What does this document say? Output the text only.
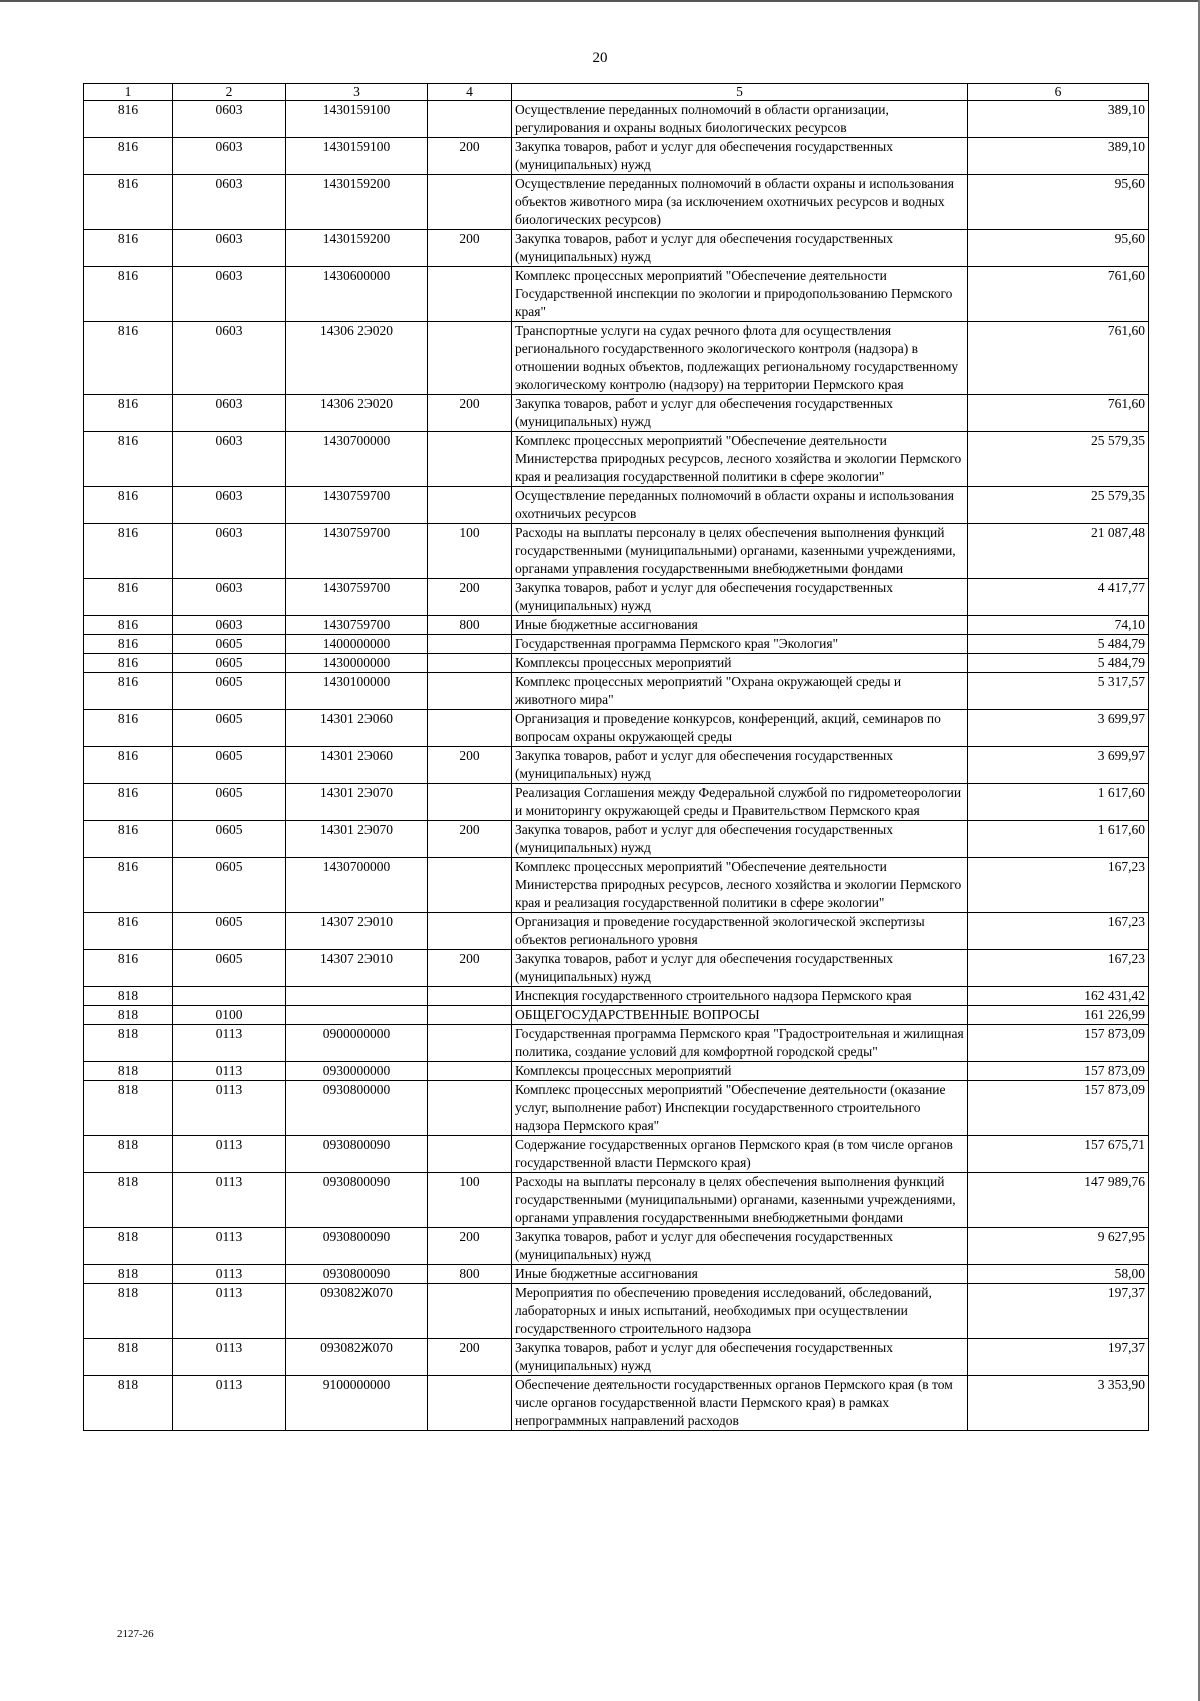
20
1	2	3	4	5	6
816	0603	1430159100		Осуществление переданных полномочий в области организации, регулирования и охраны водных биологических ресурсов	389,10
816	0603	1430159100	200	Закупка товаров, работ и услуг для обеспечения государственных (муниципальных) нужд	389,10
816	0603	1430159200		Осуществление переданных полномочий в области охраны и использования объектов животного мира (за исключением охотничьих ресурсов и водных биологических ресурсов)	95,60
816	0603	1430159200	200	Закупка товаров, работ и услуг для обеспечения государственных (муниципальных) нужд	95,60
816	0603	1430600000		Комплекс процессных мероприятий "Обеспечение деятельности Государственной инспекции по экологии и природопользованию Пермского края"	761,60
816	0603	14306 2Э020		Транспортные услуги на судах речного флота для осуществления регионального государственного экологического контроля (надзора) в отношении водных объектов, подлежащих региональному государственному экологическому контролю (надзору) на территории Пермского края	761,60
816	0603	14306 2Э020	200	Закупка товаров, работ и услуг для обеспечения государственных (муниципальных) нужд	761,60
816	0603	1430700000		Комплекс процессных мероприятий "Обеспечение деятельности Министерства природных ресурсов, лесного хозяйства и экологии Пермского края и реализация государственной политики в сфере экологии"	25 579,35
816	0603	1430759700		Осуществление переданных полномочий в области охраны и использования охотничьих ресурсов	25 579,35
816	0603	1430759700	100	Расходы на выплаты персоналу в целях обеспечения выполнения функций государственными (муниципальными) органами, казенными учреждениями, органами управления государственными внебюджетными фондами	21 087,48
816	0603	1430759700	200	Закупка товаров, работ и услуг для обеспечения государственных (муниципальных) нужд	4 417,77
816	0603	1430759700	800	Иные бюджетные ассигнования	74,10
816	0605	1400000000		Государственная программа Пермского края "Экология"	5 484,79
816	0605	1430000000		Комплексы процессных мероприятий	5 484,79
816	0605	1430100000		Комплекс процессных мероприятий "Охрана окружающей среды и животного мира"	5 317,57
816	0605	14301 2Э060		Организация и проведение конкурсов, конференций, акций, семинаров по вопросам охраны окружающей среды	3 699,97
816	0605	14301 2Э060	200	Закупка товаров, работ и услуг для обеспечения государственных (муниципальных) нужд	3 699,97
816	0605	14301 2Э070		Реализация Соглашения между Федеральной службой по гидрометеорологии и мониторингу окружающей среды и Правительством Пермского края	1 617,60
816	0605	14301 2Э070	200	Закупка товаров, работ и услуг для обеспечения государственных (муниципальных) нужд	1 617,60
816	0605	1430700000		Комплекс процессных мероприятий "Обеспечение деятельности Министерства природных ресурсов, лесного хозяйства и экологии Пермского края и реализация государственной политики в сфере экологии"	167,23
816	0605	14307 2Э010		Организация и проведение государственной экологической экспертизы объектов регионального уровня	167,23
816	0605	14307 2Э010	200	Закупка товаров, работ и услуг для обеспечения государственных (муниципальных) нужд	167,23
818				Инспекция государственного строительного надзора Пермского края	162 431,42
818	0100			ОБЩЕГОСУДАРСТВЕННЫЕ ВОПРОСЫ	161 226,99
818	0113	0900000000		Государственная программа Пермского края "Градостроительная и жилищная политика, создание условий для комфортной городской среды"	157 873,09
818	0113	0930000000		Комплексы процессных мероприятий	157 873,09
818	0113	0930800000		Комплекс процессных мероприятий "Обеспечение деятельности (оказание услуг, выполнение работ) Инспекции государственного строительного надзора Пермского края"	157 873,09
818	0113	0930800090		Содержание государственных органов Пермского края (в том числе органов государственной власти Пермского края)	157 675,71
818	0113	0930800090	100	Расходы на выплаты персоналу в целях обеспечения выполнения функций государственными (муниципальными) органами, казенными учреждениями, органами управления государственными внебюджетными фондами	147 989,76
818	0113	0930800090	200	Закупка товаров, работ и услуг для обеспечения государственных (муниципальных) нужд	9 627,95
818	0113	0930800090	800	Иные бюджетные ассигнования	58,00
818	0113	093082Ж070		Мероприятия по обеспечению проведения исследований, обследований, лабораторных и иных испытаний, необходимых при осуществлении государственного строительного надзора	197,37
818	0113	093082Ж070	200	Закупка товаров, работ и услуг для обеспечения государственных (муниципальных) нужд	197,37
818	0113	9100000000		Обеспечение деятельности государственных органов Пермского края (в том числе органов государственной власти Пермского края) в рамках непрограммных направлений расходов	3 353,90
2127-26
